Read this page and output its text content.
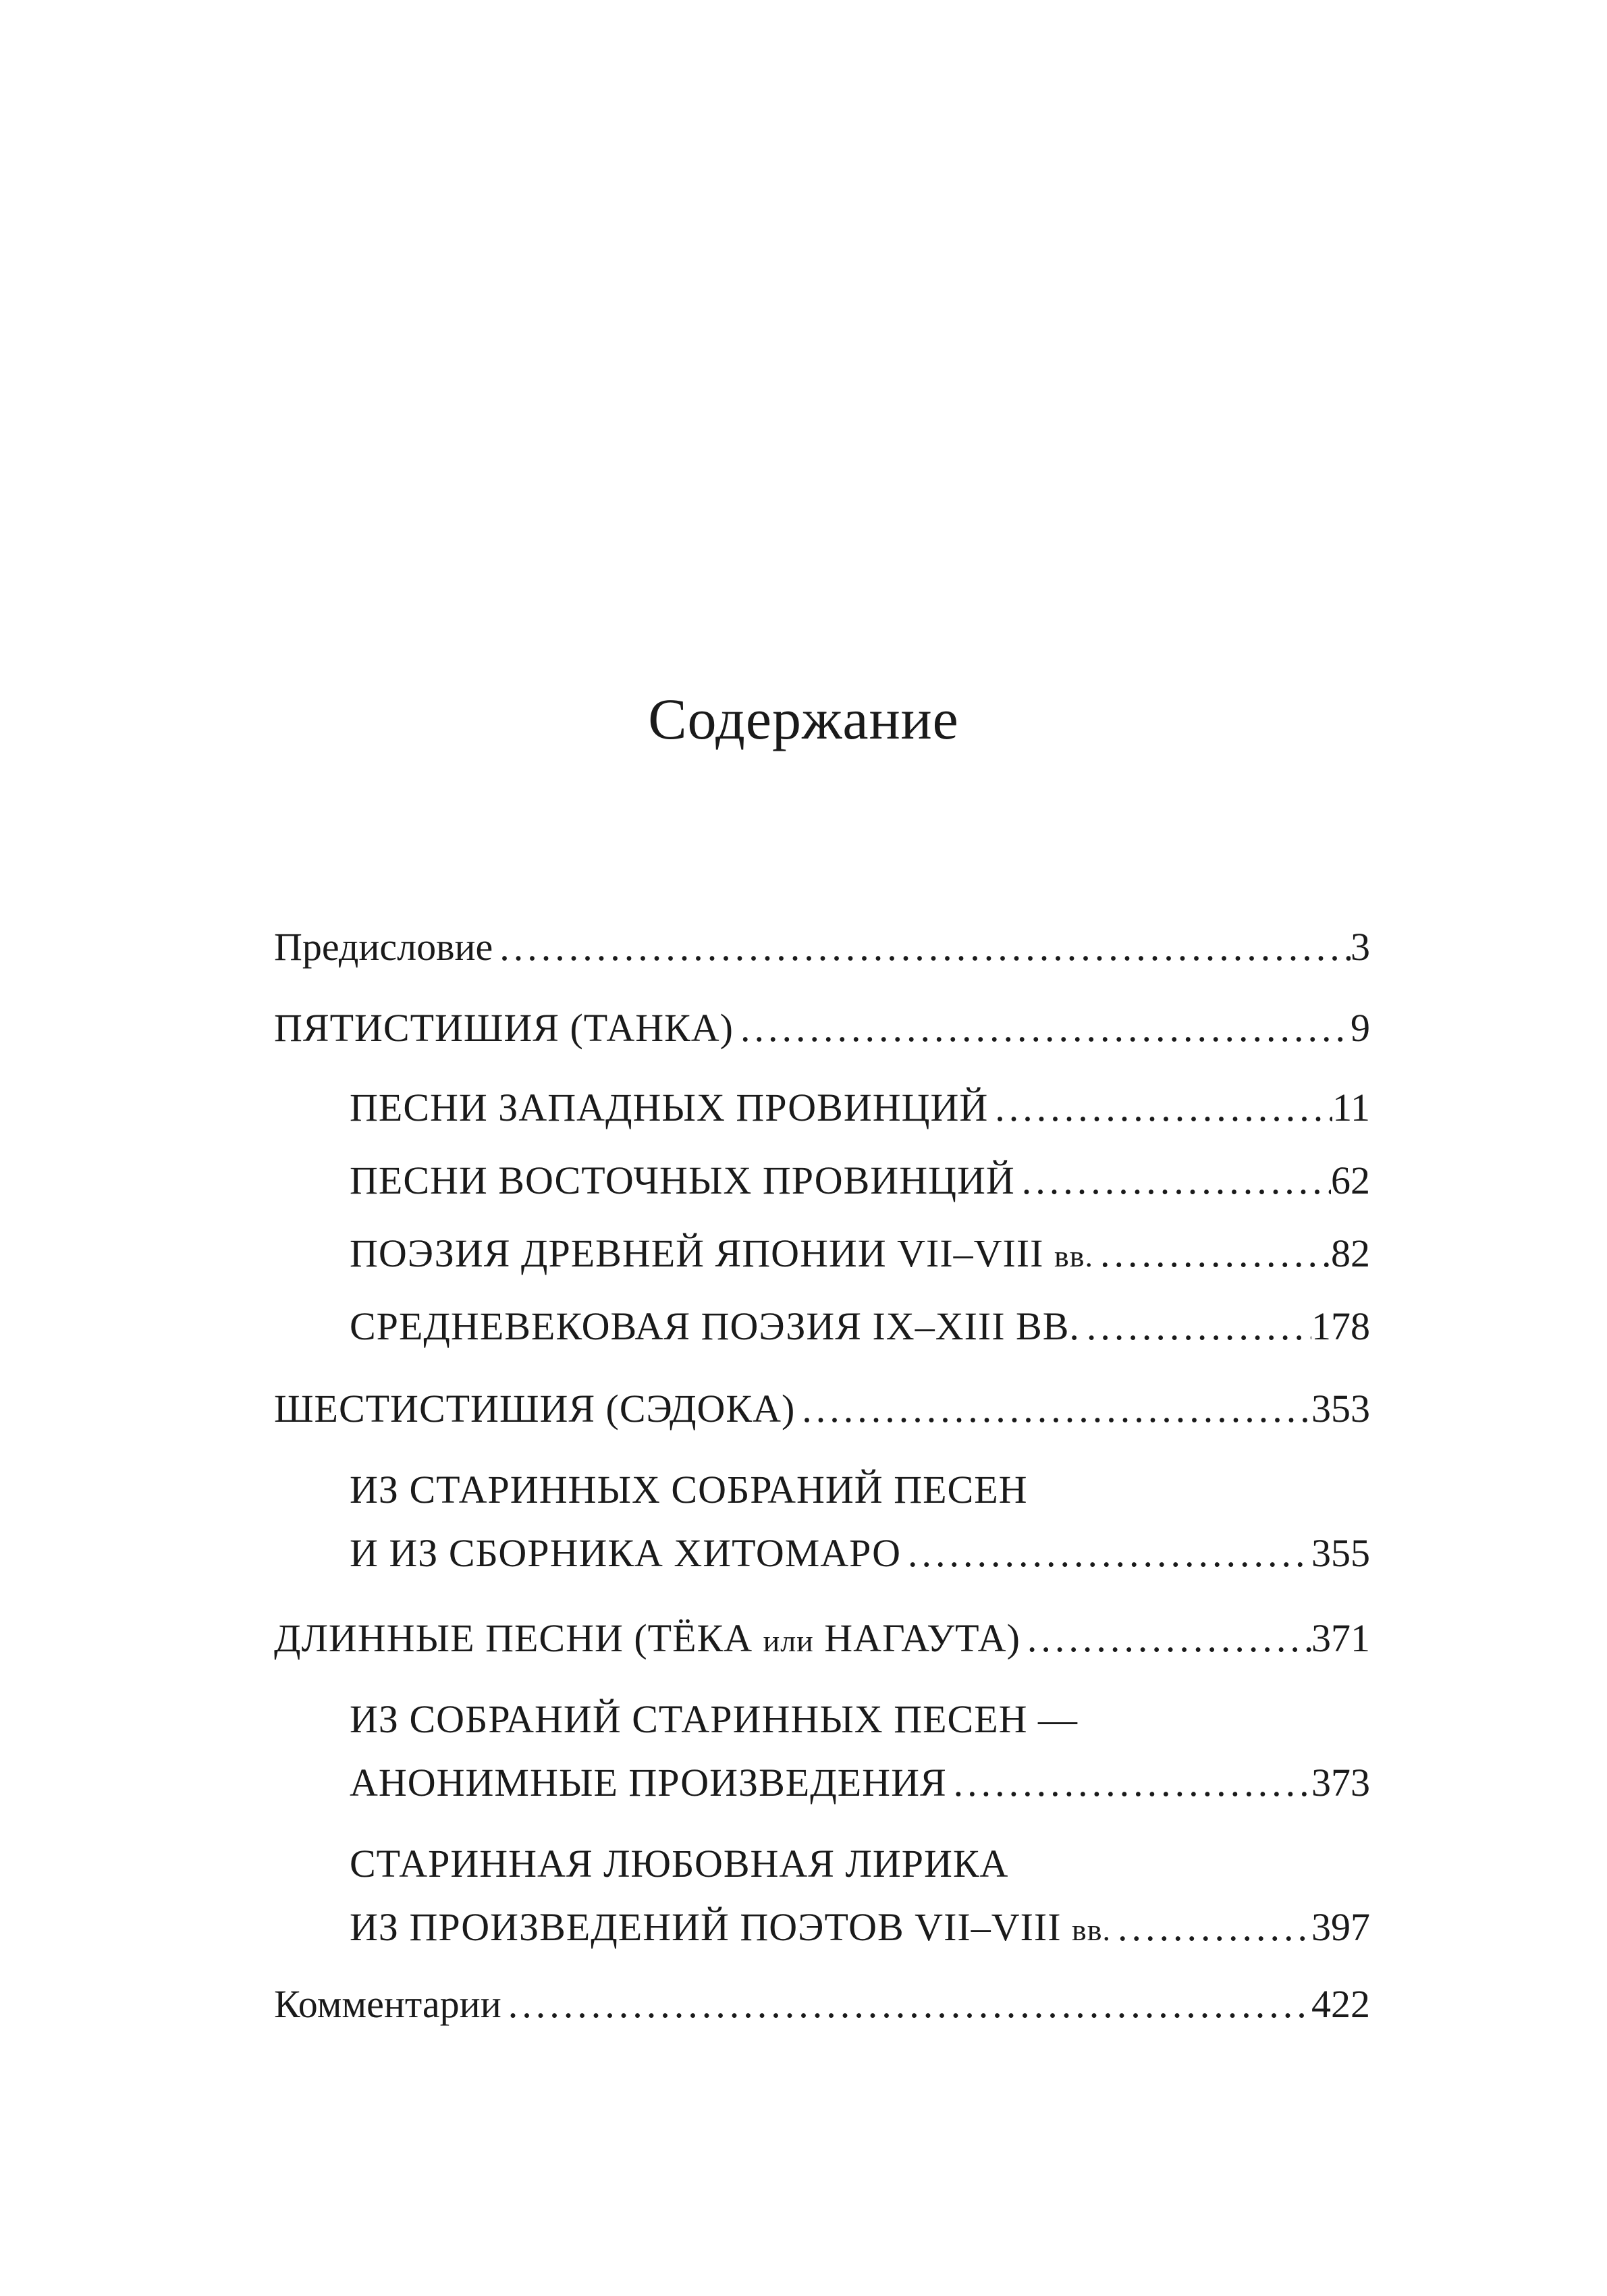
Содержание
Предисловие .....	3
ПЯТИСТИШИЯ (ТАНКА) .....	9
ПЕСНИ ЗАПАДНЫХ ПРОВИНЦИЙ .....	11
ПЕСНИ ВОСТОЧНЫХ ПРОВИНЦИЙ .....	62
ПОЭЗИЯ ДРЕВНЕЙ ЯПОНИИ VII–VIII вв. .....	82
СРЕДНЕВЕКОВАЯ ПОЭЗИЯ IX–XIII ВВ. .....	178
ШЕСТИСТИШИЯ (СЭДОКА) .....	353
ИЗ СТАРИННЫХ СОБРАНИЙ ПЕСЕН
И ИЗ СБОРНИКА ХИТОМАРО .....	355
ДЛИННЫЕ ПЕСНИ (ТЁКА или НАГАУТА) .....	371
ИЗ СОБРАНИЙ СТАРИННЫХ ПЕСЕН —
АНОНИМНЫЕ ПРОИЗВЕДЕНИЯ .....	373
СТАРИННАЯ ЛЮБОВНАЯ ЛИРИКА
ИЗ ПРОИЗВЕДЕНИЙ ПОЭТОВ VII–VIII вв. .....	397
Комментарии .....	422
